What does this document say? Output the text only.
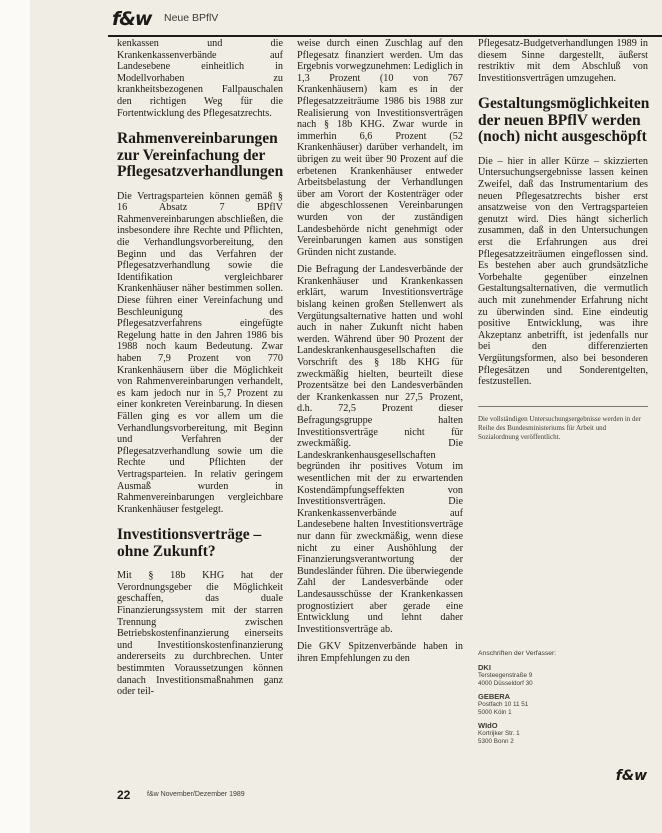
f&w Neue BPflV

kenkassen und die Krankenkassenverbände auf Landesebene einheitlich in Modellvorhaben zu krankheitsbezogenen Fallpauschalen den richtigen Weg für die Fortentwicklung des Pflegesatzrechts.

Rahmenvereinbarungen zur Vereinfachung der Pflegesatzverhandlungen

Die Vertragsparteien können gemäß § 16 Absatz 7 BPflV Rahmenvereinbarungen abschließen, die insbesondere ihre Rechte und Pflichten, die Verhandlungsvorbereitung, den Beginn und das Verfahren der Pflegesatzverhandlung sowie die Identifikation vergleichbarer Krankenhäuser näher bestimmen sollen. Diese führen einer Vereinfachung und Beschleunigung des Pflegesatzverfahrens eingefügte Regelung hatte in den Jahren 1986 bis 1988 noch kaum Bedeutung. Zwar haben 7,9 Prozent von 770 Krankenhäusern über die Möglichkeit von Rahmenvereinbarungen verhandelt, es kam jedoch nur in 5,7 Prozent zu einer konkreten Vereinbarung. In diesen Fällen ging es vor allem um die Verhandlungsvorbereitung, mit Beginn und Verfahren der Pflegesatzverhandlung sowie um die Rechte und Pflichten der Vertragsparteien. In relativ geringem Ausmaß wurden in Rahmenvereinbarungen vergleichbare Krankenhäuser festgelegt.

Investitionsverträge – ohne Zukunft?

Mit § 18b KHG hat der Verordnungsgeber die Möglichkeit geschaffen, das duale Finanzierungssystem mit der starren Trennung zwischen Betriebskostenfinanzierung einerseits und Investitionskostenfinanzierung andererseits zu durchbrechen. Unter bestimmten Voraussetzungen können danach Investitionsmaßnahmen ganz oder teil-

weise durch einen Zuschlag auf den Pflegesatz finanziert werden. Um das Ergebnis vorwegzunehmen: Lediglich in 1,3 Prozent (10 von 767 Krankenhäusern) kam es in der Pflegesatzzeiträume 1986 bis 1988 zur Realisierung von Investitionsverträgen nach § 18b KHG. Zwar wurde in immerhin 6,6 Prozent (52 Krankenhäuser) darüber verhandelt, im übrigen zu weit über 90 Prozent auf die erbetenen Krankenhäuser entweder Arbeitsbelastung der Verhandlungen über am Vorort der Kostenträger oder die abgeschlossenen Vereinbarungen wurden von der zuständigen Landesbehörde nicht genehmigt oder Vereinbarungen kamen aus sonstigen Gründen nicht zustande.

Die Befragung der Landesverbände der Krankenhäuser und Krankenkassen erklärt, warum Investitionsverträge bislang keinen großen Stellenwert als Vergütungsalternative hatten und wohl auch in naher Zukunft nicht haben werden. Während über 90 Prozent der Landeskrankenhausgesellschaften die Vorschrift des § 18b KHG für zweckmäßig hielten, beurteilt diese Prozentsätze bei den Landesverbänden der Krankenkassen nur 27,5 Prozent, d.h. 72,5 Prozent dieser Befragungsgruppe halten Investitionsverträge nicht für zweckmäßig. Die Landeskrankenhausgesellschaften begründen ihr positives Votum im wesentlichen mit der zu erwartenden Kostendämpfungseffekten von Investitionsverträgen. Die Krankenkassenverbände auf Landesebene halten Investitionsverträge nur dann für zweckmäßig, wenn diese nicht zu einer Aushöhlung der Finanzierungsverantwortung der Bundesländer führen. Die überwiegende Zahl der Landesverbände oder Landesausschüsse der Krankenkassen prognostiziert aber gerade eine Entwicklung und lehnt daher Investitionsverträge ab.

Die GKV Spitzenverbände haben in ihren Empfehlungen zu den

Pflegesatz-Budgetverhandlungen 1989 in diesem Sinne dargestellt, äußerst restriktiv mit dem Abschluß von Investitionsverträgen umzugehen.

Gestaltungsmöglichkeiten der neuen BPflV werden (noch) nicht ausgeschöpft

Die – hier in aller Kürze – skizzierten Untersuchungsergebnisse lassen keinen Zweifel, daß das Instrumentarium des neuen Pflegesatzrechts bisher erst ansatzweise von den Vertragsparteien genutzt wird. Dies hängt sicherlich zusammen, daß in den Untersuchungen erst die Erfahrungen aus drei Pflegesatzzeiträumen eingeflossen sind. Es bestehen aber auch grundsätzliche Vorbehalte gegenüber einzelnen Gestaltungsalternativen, die vermutlich auch mit zunehmender Erfahrung nicht zu überwinden sind. Eine eindeutig positive Entwicklung, was ihre Akzeptanz anbetrifft, ist jedenfalls nur bei den differenzierten Vergütungsformen, also bei besonderen Pflegesätzen und Sonderentgelten, festzustellen.

Die vollständigen Untersuchungsergebnisse werden in der Reihe des Bundesministeriums für Arbeit und Sozialordnung veröffentlicht.
Anschriften der Verfasser:
DKI
Tersteegenstraße 9
4000 Düsseldorf 30
GEBERA
Postfach 10 11 51
5000 Köln 1
WIdO
Kortrijker Str. 1
5300 Bonn 2
22 f&w November/Dezember 1989
f&w
